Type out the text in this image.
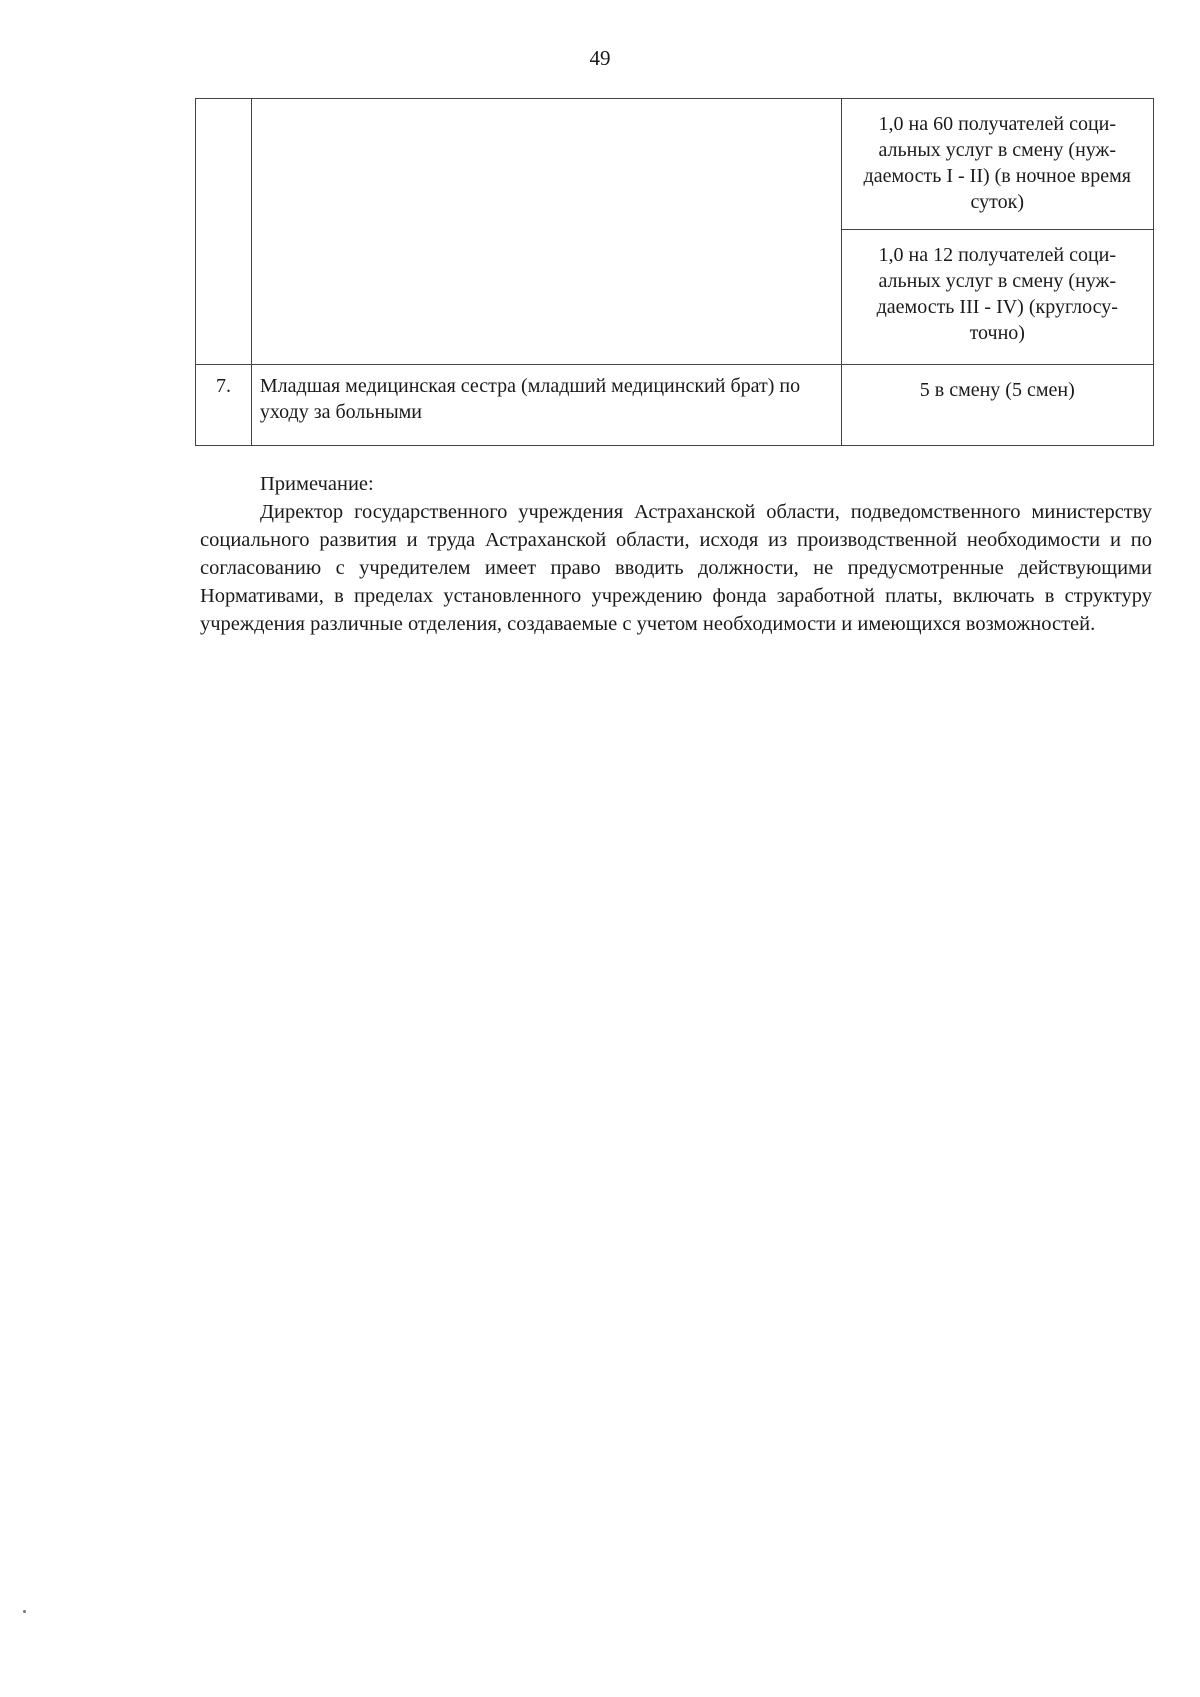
49

		1,0 на 60 получателей соци-альных услуг в смену (нуж-даемость I - II) (в ночное время суток)

		1,0 на 12 получателей соци-альных услуг в смену (нуж-даемость III - IV) (круглосу-точно)

7.	Младшая медицинская сестра (младший медицинский брат) по уходу за больными	5 в смену (5 смен)
Примечание:
Директор государственного учреждения Астраханской области, подведомственного министерству социального развития и труда Астраханской области, исходя из производственной необходимости и по согласованию с учредителем имеет право вводить должности, не предусмотренные действующими Нормативами, в пределах установленного учреждению фонда заработной платы, включать в структуру учреждения различные отделения, создаваемые с учетом необходимости и имеющихся возможностей.
